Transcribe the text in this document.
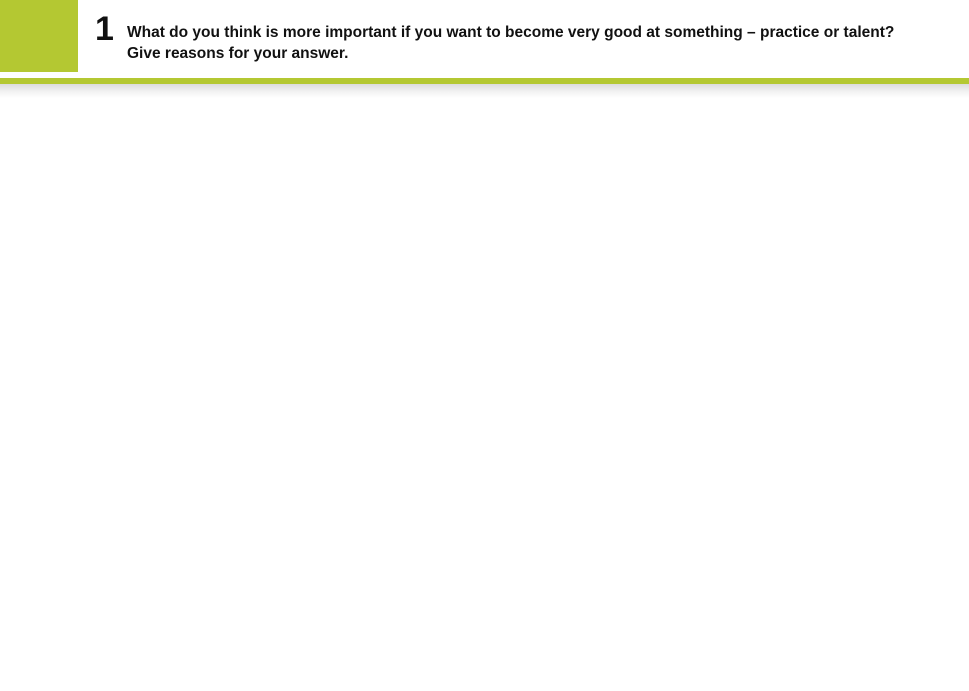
1 What do you think is more important if you want to become very good at something – practice or talent? Give reasons for your answer.
